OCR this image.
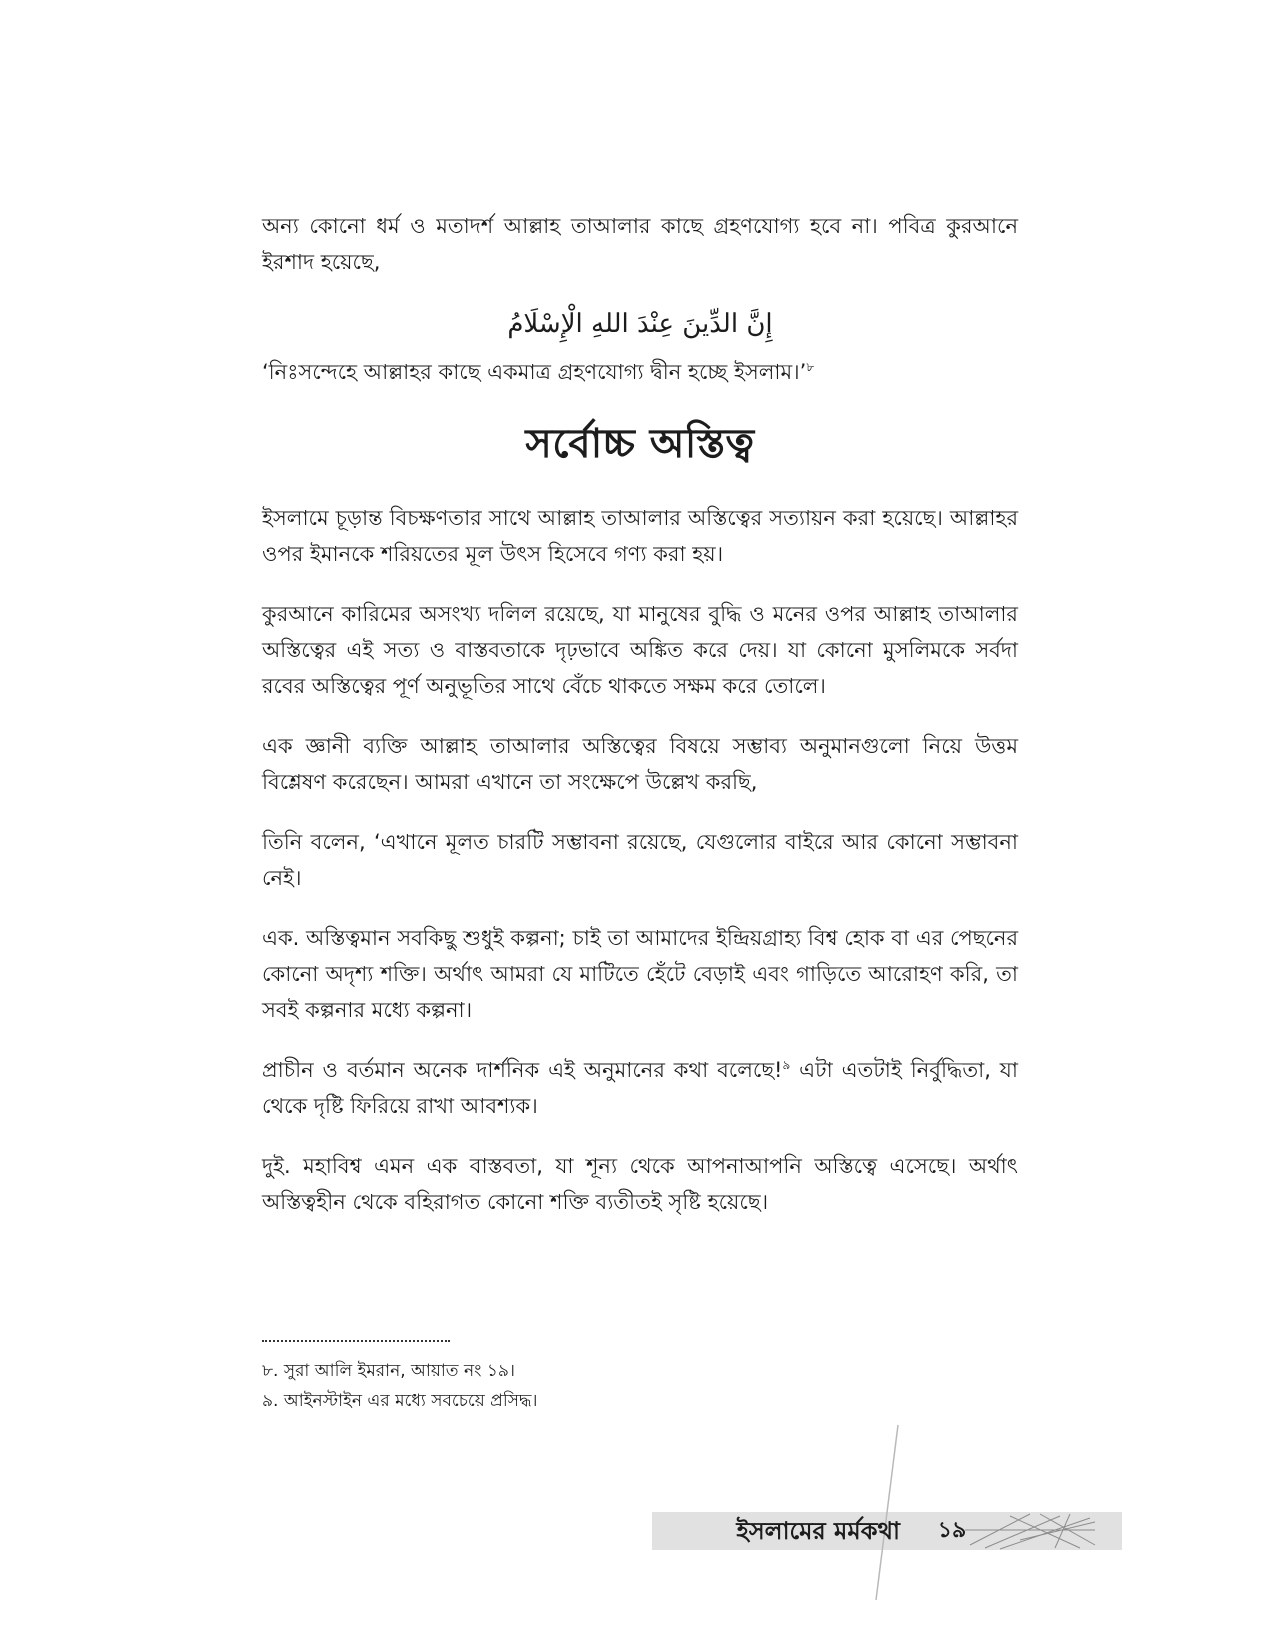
অন্য কোনো ধর্ম ও মতাদর্শ আল্লাহ তাআলার কাছে গ্রহণযোগ্য হবে না। পবিত্র কুরআনে ইরশাদ হয়েছে,

إِنَّ الدِّينَ عِنْدَ اللهِ الْإِسْلَامُ

‘নিঃসন্দেহে আল্লাহর কাছে একমাত্র গ্রহণযোগ্য দ্বীন হচ্ছে ইসলাম।’$^৮$

সর্বোচ্চ অস্তিত্ব

ইসলামে চূড়ান্ত বিচক্ষণতার সাথে আল্লাহ তাআলার অস্তিত্বের সত্যায়ন করা হয়েছে। আল্লাহর ওপর ইমানকে শরিয়তের মূল উৎস হিসেবে গণ্য করা হয়।

কুরআনে কারিমের অসংখ্য দলিল রয়েছে, যা মানুষের বুদ্ধি ও মনের ওপর আল্লাহ তাআলার অস্তিত্বের এই সত্য ও বাস্তবতাকে দৃঢ়ভাবে অঙ্কিত করে দেয়। যা কোনো মুসলিমকে সর্বদা রবের অস্তিত্বের পূর্ণ অনুভূতির সাথে বেঁচে থাকতে সক্ষম করে তোলে।

এক জ্ঞানী ব্যক্তি আল্লাহ তাআলার অস্তিত্বের বিষয়ে সম্ভাব্য অনুমানগুলো নিয়ে উত্তম বিশ্লেষণ করেছেন। আমরা এখানে তা সংক্ষেপে উল্লেখ করছি,

তিনি বলেন, ‘এখানে মূলত চারটি সম্ভাবনা রয়েছে, যেগুলোর বাইরে আর কোনো সম্ভাবনা নেই।

এক. অস্তিত্বমান সবকিছু শুধুই কল্পনা; চাই তা আমাদের ইন্দ্রিয়গ্রাহ্য বিশ্ব হোক বা এর পেছনের কোনো অদৃশ্য শক্তি। অর্থাৎ আমরা যে মাটিতে হেঁটে বেড়াই এবং গাড়িতে আরোহণ করি, তা সবই কল্পনার মধ্যে কল্পনা।

প্রাচীন ও বর্তমান অনেক দার্শনিক এই অনুমানের কথা বলেছে!$^৯$ এটা এতটাই নির্বুদ্ধিতা, যা থেকে দৃষ্টি ফিরিয়ে রাখা আবশ্যক।

দুই. মহাবিশ্ব এমন এক বাস্তবতা, যা শূন্য থেকে আপনাআপনি অস্তিত্বে এসেছে। অর্থাৎ অস্তিত্বহীন থেকে বহিরাগত কোনো শক্তি ব্যতীতই সৃষ্টি হয়েছে।

৮. সুরা আলি ইমরান, আয়াত নং ১৯।

৯. আইনস্টাইন এর মধ্যে সবচেয়ে প্রসিদ্ধ।

ইসলামের মর্মকথা	১৯
